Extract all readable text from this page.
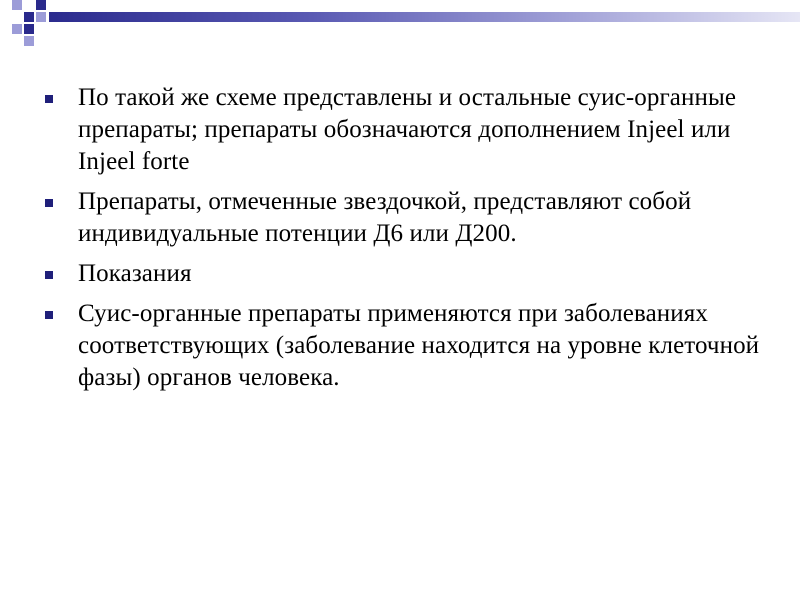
По такой же схеме представлены и остальные суис-органные препараты; препараты обозначаются дополнением Injeel или Injeel forte
Препараты, отмеченные звездочкой, представляют собой индивидуальные потенции Д6 или Д200.
Показания
Суис-органные препараты применяются при заболеваниях соответствующих (заболевание находится на уровне клеточной фазы) органов человека.
